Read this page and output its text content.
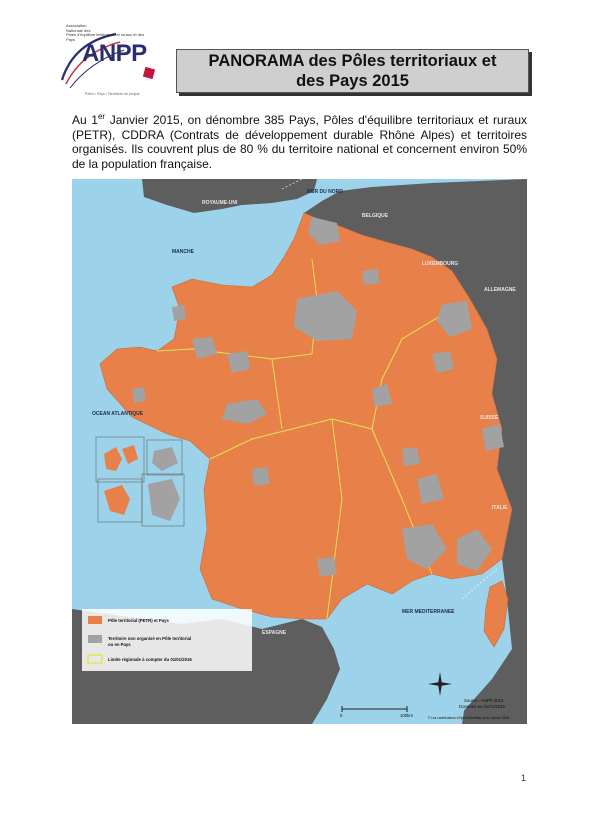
Association
Nationale des
Pôles d'équilibre territoriaux et ruraux et des
Pays
ANPP
Pôles • Pays • Territoires de projets
PANORAMA des Pôles territoriaux et
des Pays 2015
Au 1er Janvier 2015, on dénombre 385 Pays, Pôles d'équilibre territoriaux et ruraux (PETR), CDDRA (Contrats de développement durable Rhône Alpes) et territoires organisés. Ils couvrent plus de 80 % du territoire national et concernent environ 50% de la population française.
MER DU NORD
ROYAUME-UNI
BELGIQUE
MANCHE
LUXEMBOURG
ALLEMAGNE
OCEAN ATLANTIQUE
SUISSE
ITALIE
MER MEDITERRANEE
ESPAGNE
Pôle territorial (PETR) et Pays
Territoire non organisé en Pôle territorial
ou en Pays
Limite régionale à compter du 01/01/2016
Source : ANPP 2015
Données au 01/01/2015
0	100km	© Les contributeurs d'OpenStreetMap sous Licence ODbL
1
